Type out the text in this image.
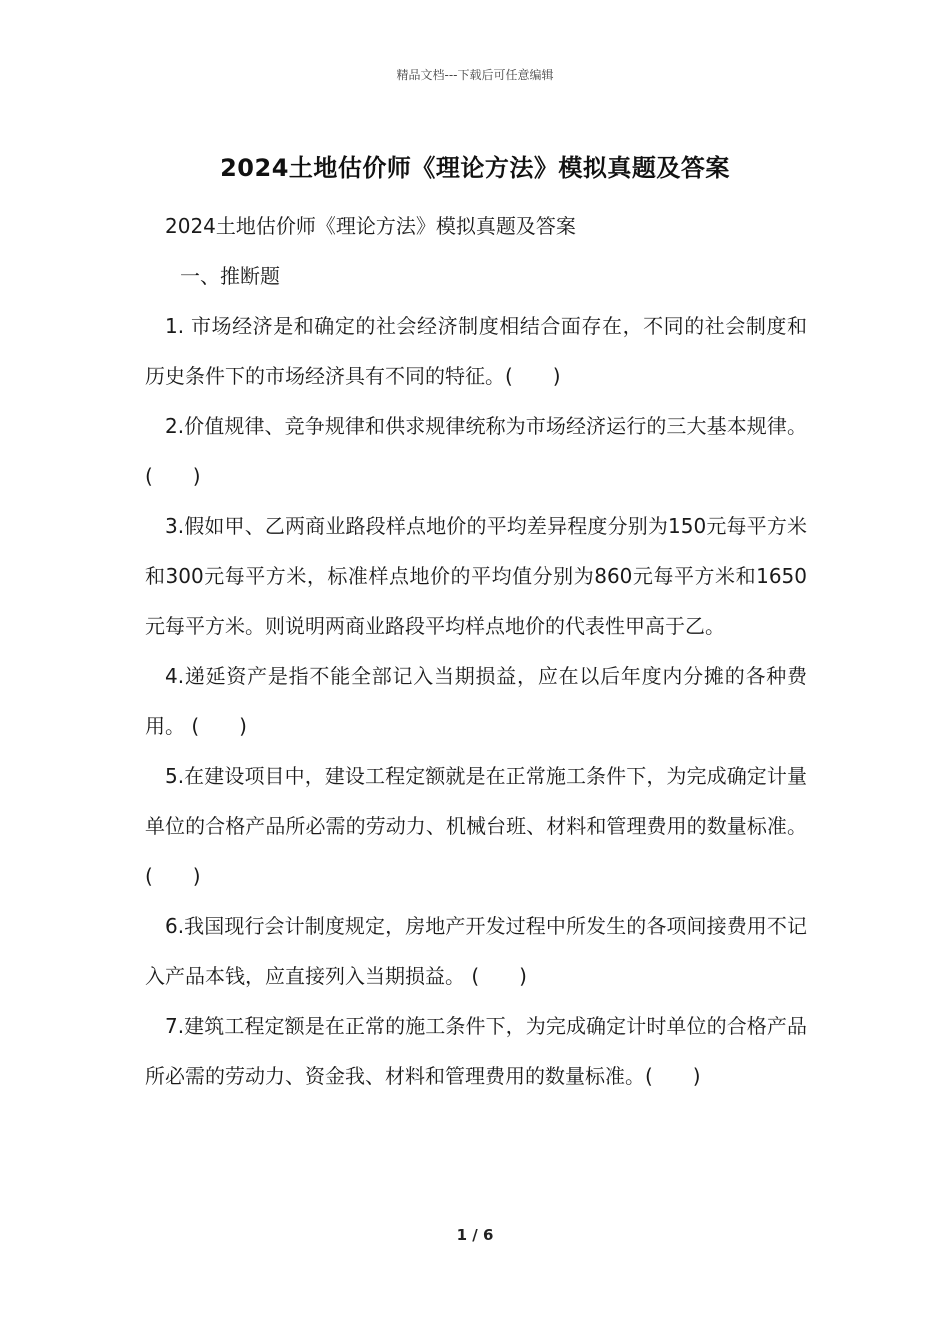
精品文档---下载后可任意编辑
2024土地估价师《理论方法》模拟真题及答案

2024土地估价师《理论方法》模拟真题及答案

一、推断题

1. 市场经济是和确定的社会经济制度相结合面存在，不同的社会制度和历史条件下的市场经济具有不同的特征。(　　)

2.价值规律、竞争规律和供求规律统称为市场经济运行的三大基本规律。(　　)

3.假如甲、乙两商业路段样点地价的平均差异程度分别为150元每平方米和300元每平方米，标准样点地价的平均值分别为860元每平方米和1650元每平方米。则说明两商业路段平均样点地价的代表性甲高于乙。

4.递延资产是指不能全部记入当期损益，应在以后年度内分摊的各种费用。 (　　)

5.在建设项目中，建设工程定额就是在正常施工条件下，为完成确定计量单位的合格产品所必需的劳动力、机械台班、材料和管理费用的数量标准。 (　　)

6.我国现行会计制度规定，房地产开发过程中所发生的各项间接费用不记入产品本钱，应直接列入当期损益。 (　　)

7.建筑工程定额是在正常的施工条件下，为完成确定计时单位的合格产品所必需的劳动力、资金我、材料和管理费用的数量标准。(　　)

1 / 6
